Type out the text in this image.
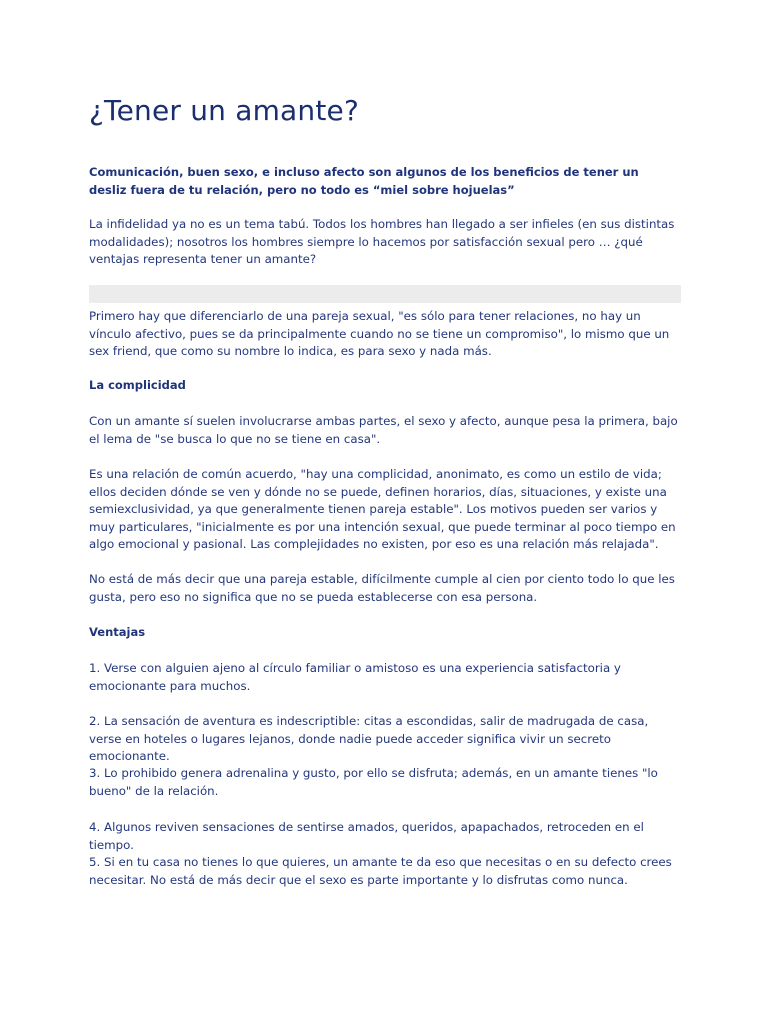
¿Tener un amante?

Comunicación, buen sexo, e incluso afecto son algunos de los beneficios de tener un desliz fuera de tu relación, pero no todo es “miel sobre hojuelas”

La infidelidad ya no es un tema tabú. Todos los hombres han llegado a ser infieles (en sus distintas modalidades); nosotros los hombres siempre lo hacemos por satisfacción sexual pero … ¿qué ventajas representa tener un amante?

Primero hay que diferenciarlo de una pareja sexual, "es sólo para tener relaciones, no hay un vínculo afectivo, pues se da principalmente cuando no se tiene un compromiso", lo mismo que un sex friend, que como su nombre lo indica, es para sexo y nada más.

La complicidad

Con un amante sí suelen involucrarse ambas partes, el sexo y afecto, aunque pesa la primera, bajo el lema de "se busca lo que no se tiene en casa".

Es una relación de común acuerdo, "hay una complicidad, anonimato, es como un estilo de vida; ellos deciden dónde se ven y dónde no se puede, definen horarios, días, situaciones, y existe una semiexclusividad, ya que generalmente tienen pareja estable". Los motivos pueden ser varios y muy particulares, "inicialmente es por una intención sexual, que puede terminar al poco tiempo en algo emocional y pasional. Las complejidades no existen, por eso es una relación más relajada".

No está de más decir que una pareja estable, difícilmente cumple al cien por ciento todo lo que les gusta, pero eso no significa que no se pueda establecerse con esa persona.

Ventajas

1. Verse con alguien ajeno al círculo familiar o amistoso es una experiencia satisfactoria y emocionante para muchos.

2. La sensación de aventura es indescriptible: citas a escondidas, salir de madrugada de casa, verse en hoteles o lugares lejanos, donde nadie puede acceder significa vivir un secreto emocionante.

3. Lo prohibido genera adrenalina y gusto, por ello se disfruta; además, en un amante tienes "lo bueno" de la relación.

4. Algunos reviven sensaciones de sentirse amados, queridos, apapachados, retroceden en el tiempo.

5. Si en tu casa no tienes lo que quieres, un amante te da eso que necesitas o en su defecto crees necesitar. No está de más decir que el sexo es parte importante y lo disfrutas como nunca.
